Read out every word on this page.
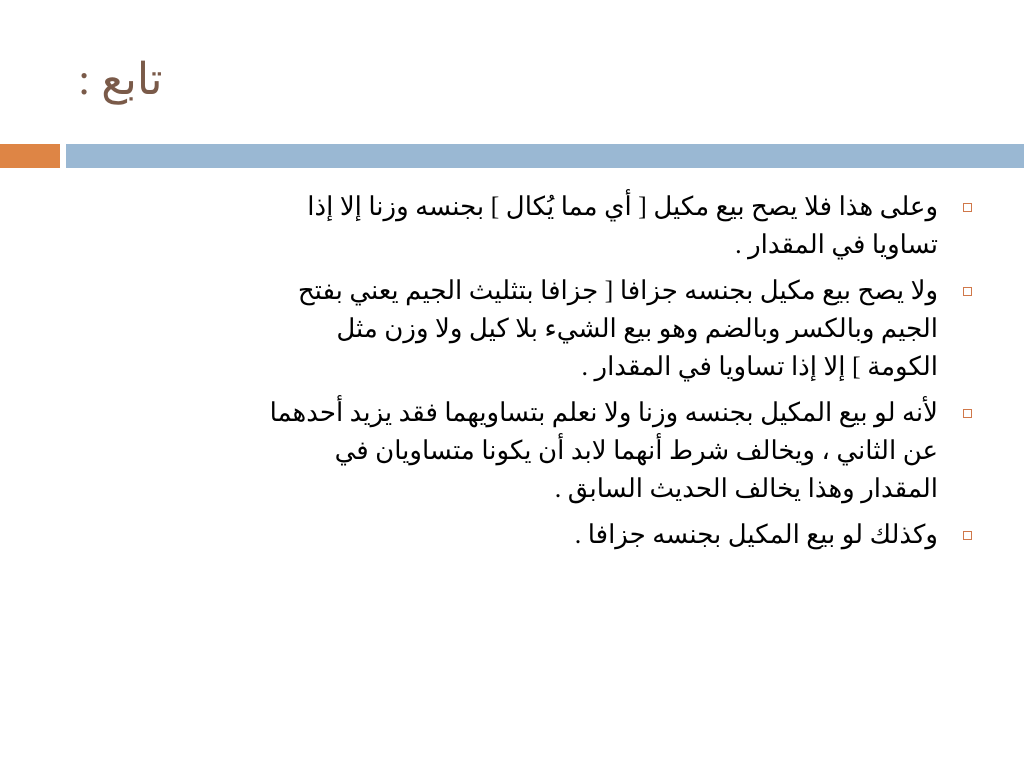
تابع :
وعلى هذا فلا يصح بيع مكيل [ أي مما يُكال ] بجنسه وزنا إلا إذا
تساويا في المقدار .
ولا يصح بيع مكيل بجنسه جزافا [ جزافا بتثليث الجيم يعني بفتح
الجيم وبالكسر وبالضم وهو بيع الشيء بلا كيل ولا وزن مثل
الكومة ] إلا إذا تساويا في المقدار .
لأنه لو بيع المكيل بجنسه وزنا ولا نعلم بتساويهما فقد يزيد أحدهما
عن الثاني ، ويخالف شرط أنهما لابد أن يكونا متساويان في
المقدار وهذا يخالف الحديث السابق .
وكذلك لو بيع المكيل بجنسه جزافا .
